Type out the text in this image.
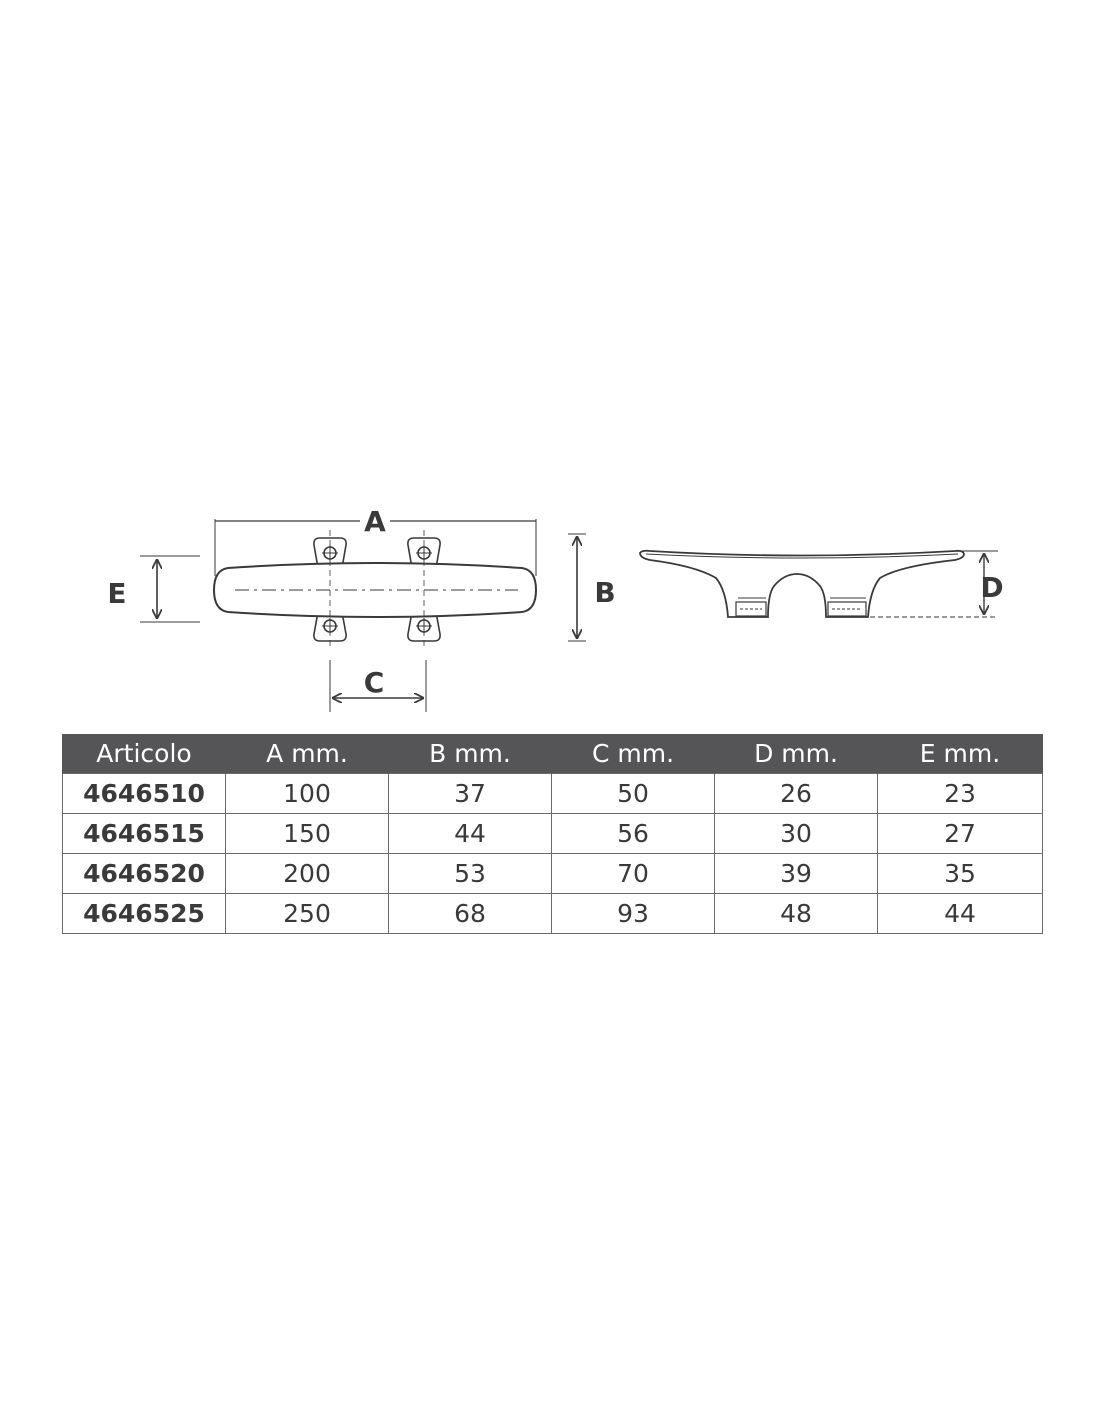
A
E	B
C
D
Articolo	A mm.	B mm.	C mm.	D mm.	E mm.
4646510	100	37	50	26	23
4646515	150	44	56	30	27
4646520	200	53	70	39	35
4646525	250	68	93	48	44
